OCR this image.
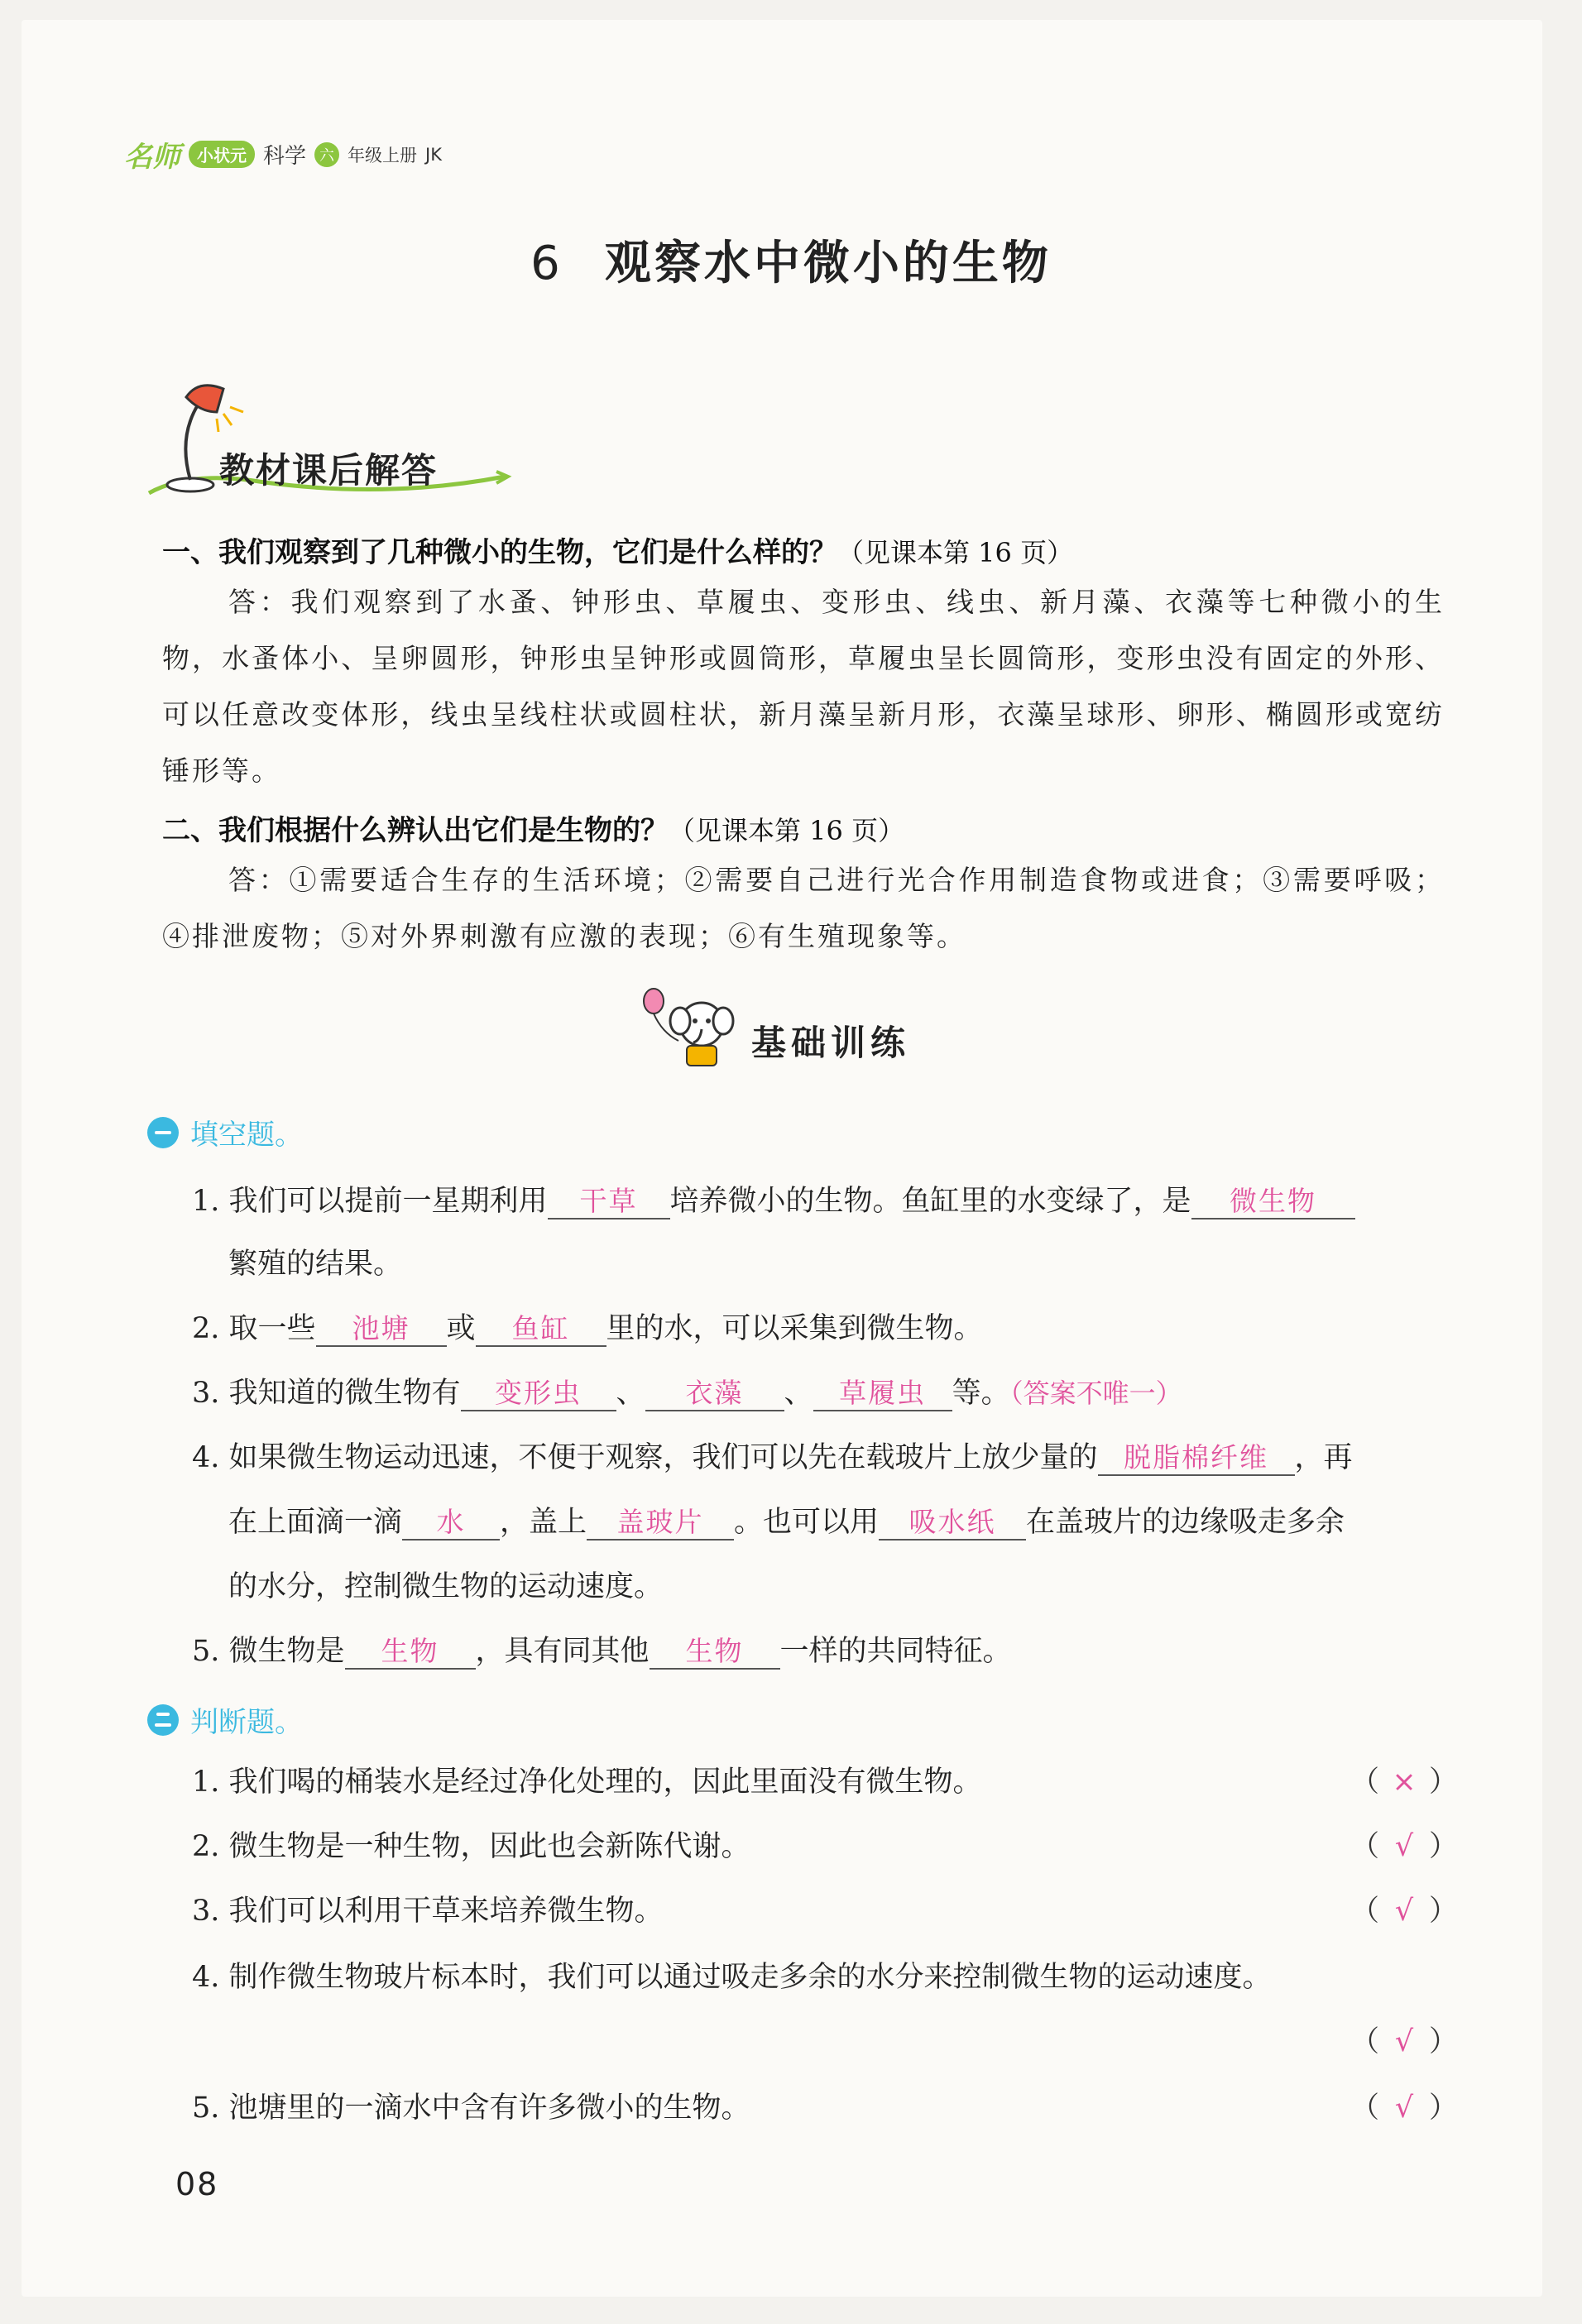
名师	小状元 科学 六 年级上册 JK
6 观察水中微小的生物
教材课后解答
一、我们观察到了几种微小的生物，它们是什么样的？（见课本第 16 页）
答：我们观察到了水蚤、钟形虫、草履虫、变形虫、线虫、新月藻、衣藻等七种微小的生物，水蚤体小、呈卵圆形，钟形虫呈钟形或圆筒形，草履虫呈长圆筒形，变形虫没有固定的外形、可以任意改变体形，线虫呈线柱状或圆柱状，新月藻呈新月形，衣藻呈球形、卵形、椭圆形或宽纺锤形等。
二、我们根据什么辨认出它们是生物的？（见课本第 16 页）
答：①需要适合生存的生活环境；②需要自己进行光合作用制造食物或进食；③需要呼吸；④排泄废物；⑤对外界刺激有应激的表现；⑥有生殖现象等。
基础训练
填空题。
1. 我们可以提前一星期利用 干草 培养微小的生物。鱼缸里的水变绿了，是 微生物
繁殖的结果。
2. 取一些 池塘 或 鱼缸 里的水，可以采集到微生物。
3. 我知道的微生物有 变形虫 、 衣藻 、 草履虫 等。（答案不唯一）
4. 如果微生物运动迅速，不便于观察，我们可以先在载玻片上放少量的 脱脂棉纤维 ，再
在上面滴一滴 水 ，盖上 盖玻片 。也可以用 吸水纸 在盖玻片的边缘吸走多余
的水分，控制微生物的运动速度。
5. 微生物是 生物 ，具有同其他 生物 一样的共同特征。
判断题。
1. 我们喝的桶装水是经过净化处理的，因此里面没有微生物。	（ × ）
2. 微生物是一种生物，因此也会新陈代谢。	（ √ ）
3. 我们可以利用干草来培养微生物。	（ √ ）
4. 制作微生物玻片标本时，我们可以通过吸走多余的水分来控制微生物的运动速度。
（ √ ）
5. 池塘里的一滴水中含有许多微小的生物。	（ √ ）
08
